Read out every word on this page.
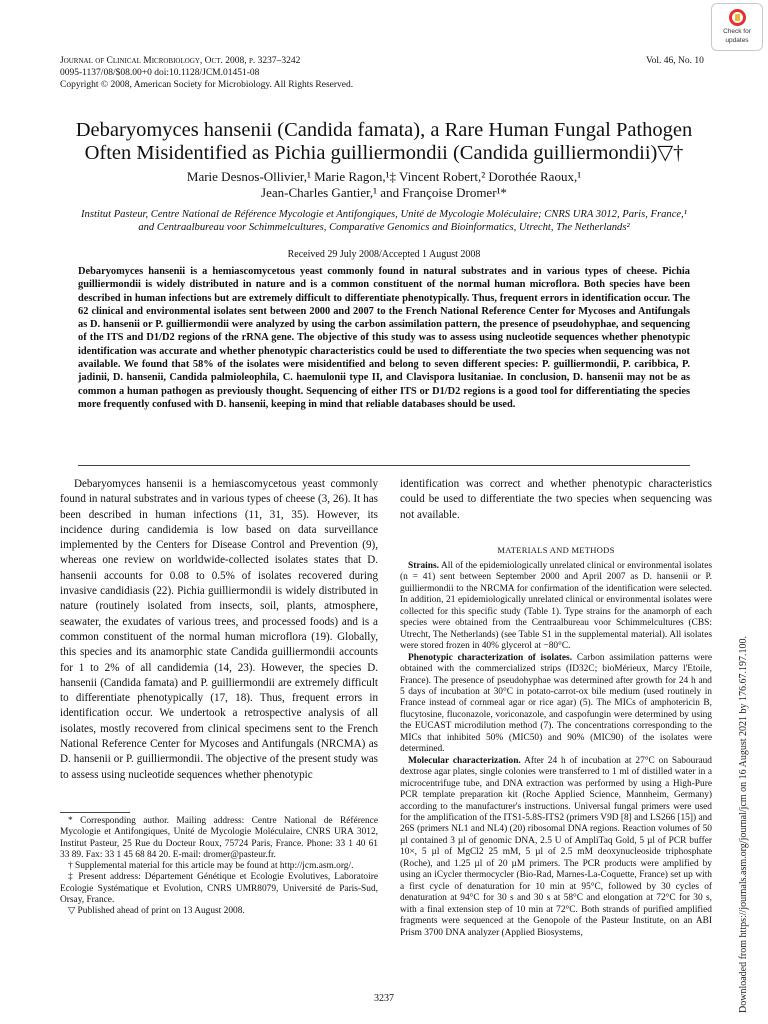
Journal of Clinical Microbiology, Oct. 2008, p. 3237–3242
0095-1137/08/$08.00+0 doi:10.1128/JCM.01451-08
Copyright © 2008, American Society for Microbiology. All Rights Reserved.
Vol. 46, No. 10
Check for
updates
Debaryomyces hansenii (Candida famata), a Rare Human Fungal Pathogen
Often Misidentified as Pichia guilliermondii (Candida guilliermondii)▽†
Marie Desnos-Ollivier,¹ Marie Ragon,¹‡ Vincent Robert,² Dorothée Raoux,¹
Jean-Charles Gantier,¹ and Françoise Dromer¹*
Institut Pasteur, Centre National de Référence Mycologie et Antifongiques, Unité de Mycologie Moléculaire; CNRS URA 3012, Paris, France,¹
and Centraalbureau voor Schimmelcultures, Comparative Genomics and Bioinformatics, Utrecht, The Netherlands²
Received 29 July 2008/Accepted 1 August 2008
Debaryomyces hansenii is a hemiascomycetous yeast commonly found in natural substrates and in various types of cheese. Pichia guilliermondii is widely distributed in nature and is a common constituent of the normal human microflora. Both species have been described in human infections but are extremely difficult to differentiate phenotypically. Thus, frequent errors in identification occur. The 62 clinical and environmental isolates sent between 2000 and 2007 to the French National Reference Center for Mycoses and Antifungals as D. hansenii or P. guilliermondii were analyzed by using the carbon assimilation pattern, the presence of pseudohyphae, and sequencing of the ITS and D1/D2 regions of the rRNA gene. The objective of this study was to assess using nucleotide sequences whether phenotypic identification was accurate and whether phenotypic characteristics could be used to differentiate the two species when sequencing was not available. We found that 58% of the isolates were misidentified and belong to seven different species: P. guilliermondii, P. caribbica, P. jadinii, D. hansenii, Candida palmioleophila, C. haemulonii type II, and Clavispora lusitaniae. In conclusion, D. hansenii may not be as common a human pathogen as previously thought. Sequencing of either ITS or D1/D2 regions is a good tool for differentiating the species more frequently confused with D. hansenii, keeping in mind that reliable databases should be used.

Debaryomyces hansenii is a hemiascomycetous yeast commonly found in natural substrates and in various types of cheese (3, 26). It has been described in human infections (11, 31, 35). However, its incidence during candidemia is low based on data surveillance implemented by the Centers for Disease Control and Prevention (9), whereas one review on worldwide-collected isolates states that D. hansenii accounts for 0.08 to 0.5% of isolates recovered during invasive candidiasis (22). Pichia guilliermondii is widely distributed in nature (routinely isolated from insects, soil, plants, atmosphere, seawater, the exudates of various trees, and processed foods) and is a common constituent of the normal human microflora (19). Globally, this species and its anamorphic state Candida guilliermondii accounts for 1 to 2% of all candidemia (14, 23). However, the species D. hansenii (Candida famata) and P. guilliermondii are extremely difficult to differentiate phenotypically (17, 18). Thus, frequent errors in identification occur. We undertook a retrospective analysis of all isolates, mostly recovered from clinical specimens sent to the French National Reference Center for Mycoses and Antifungals (NRCMA) as D. hansenii or P. guilliermondii. The objective of the present study was to assess using nucleotide sequences whether phenotypic

* Corresponding author. Mailing address: Centre National de Référence Mycologie et Antifongiques, Unité de Mycologie Moléculaire, CNRS URA 3012, Institut Pasteur, 25 Rue du Docteur Roux, 75724 Paris, France. Phone: 33 1 40 61 33 89. Fax: 33 1 45 68 84 20. E-mail: dromer@pasteur.fr.

† Supplemental material for this article may be found at http://jcm.asm.org/.

‡ Present address: Département Génétique et Ecologie Evolutives, Laboratoire Ecologie Systématique et Evolution, CNRS UMR8079, Université de Paris-Sud, Orsay, France.

▽ Published ahead of print on 13 August 2008.

identification was correct and whether phenotypic characteristics could be used to differentiate the two species when sequencing was not available.

MATERIALS AND METHODS

Strains. All of the epidemiologically unrelated clinical or environmental isolates (n = 41) sent between September 2000 and April 2007 as D. hansenii or P. guilliermondii to the NRCMA for confirmation of the identification were selected. In addition, 21 epidemiologically unrelated clinical or environmental isolates were collected for this specific study (Table 1). Type strains for the anamorph of each species were obtained from the Centraalbureau voor Schimmelcultures (CBS: Utrecht, The Netherlands) (see Table S1 in the supplemental material). All isolates were stored frozen in 40% glycerol at −80°C.

Phenotypic characterization of isolates. Carbon assimilation patterns were obtained with the commercialized strips (ID32C; bioMérieux, Marcy l'Etoile, France). The presence of pseudohyphae was determined after growth for 24 h and 5 days of incubation at 30°C in potato-carrot-ox bile medium (used routinely in France instead of cornmeal agar or rice agar) (5). The MICs of amphotericin B, flucytosine, fluconazole, voriconazole, and caspofungin were determined by using the EUCAST microdilution method (7). The concentrations corresponding to the MICs that inhibited 50% (MIC50) and 90% (MIC90) of the isolates were determined.

Molecular characterization. After 24 h of incubation at 27°C on Sabouraud dextrose agar plates, single colonies were transferred to 1 ml of distilled water in a microcentrifuge tube, and DNA extraction was performed by using a High-Pure PCR template preparation kit (Roche Applied Science, Mannheim, Germany) according to the manufacturer's instructions. Universal fungal primers were used for the amplification of the ITS1-5.8S-ITS2 (primers V9D [8] and LS266 [15]) and 26S (primers NL1 and NL4) (20) ribosomal DNA regions. Reaction volumes of 50 µl contained 3 µl of genomic DNA, 2.5 U of AmpliTaq Gold, 5 µl of PCR buffer 10×, 5 µl of MgCl2 25 mM, 5 µl of 2.5 mM deoxynucleoside triphosphate (Roche), and 1.25 µl of 20 µM primers. The PCR products were amplified by using an iCycler thermocycler (Bio-Rad, Marnes-La-Coquette, France) set up with a first cycle of denaturation for 10 min at 95°C, followed by 30 cycles of denaturation at 94°C for 30 s and 30 s at 58°C and elongation at 72°C for 30 s, with a final extension step of 10 min at 72°C. Both strands of purified amplified fragments were sequenced at the Genopole of the Pasteur Institute, on an ABI Prism 3700 DNA analyzer (Applied Biosystems,

3237	Downloaded from https://journals.asm.org/journal/jcm on 16 August 2021 by 176.67.197.100.
